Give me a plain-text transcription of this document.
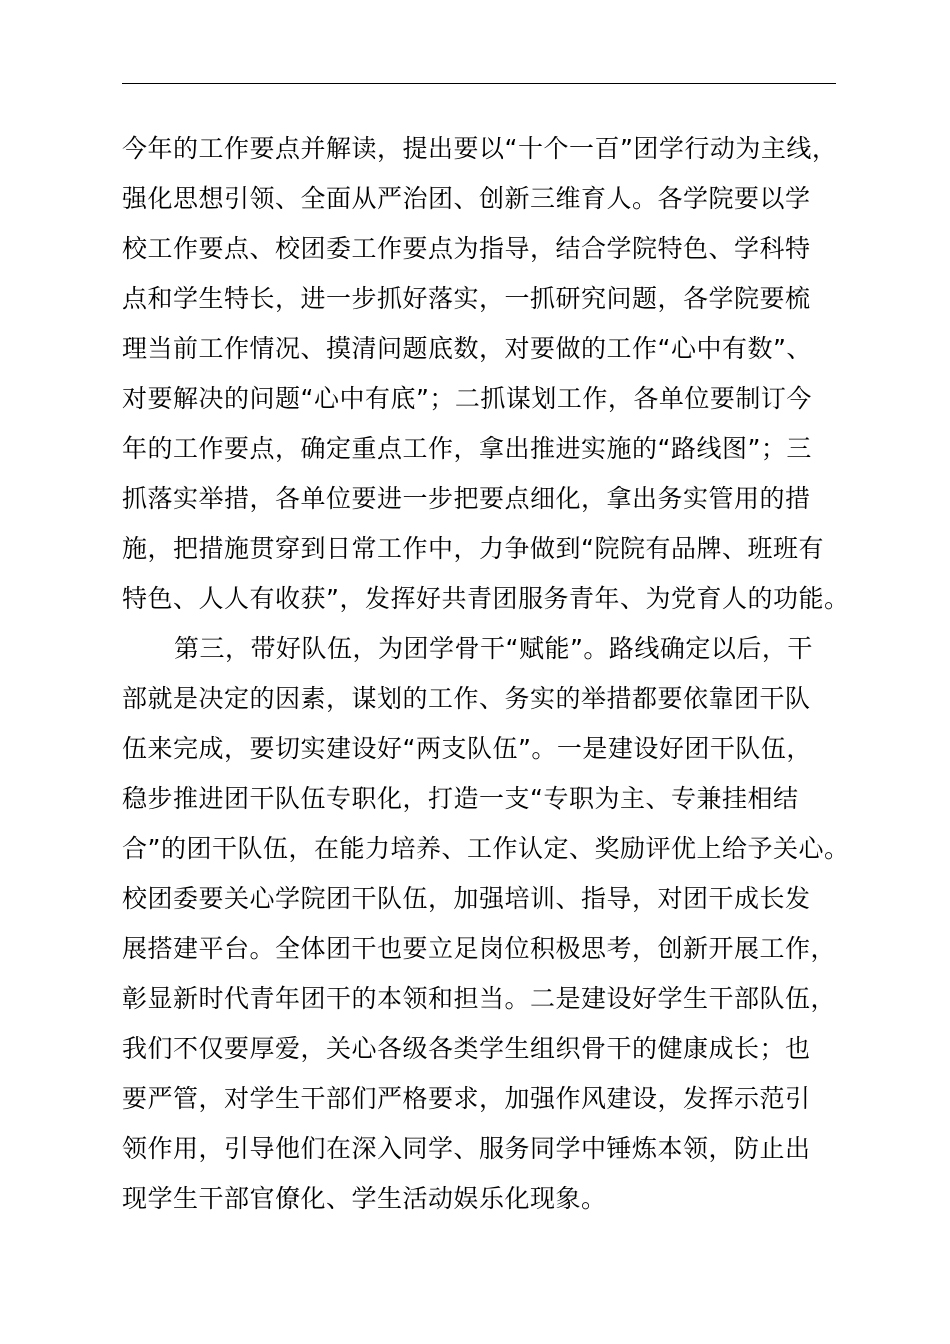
今年的工作要点并解读，提出要以“十个一百”团学行动为主线，
强化思想引领、全面从严治团、创新三维育人。各学院要以学
校工作要点、校团委工作要点为指导，结合学院特色、学科特
点和学生特长，进一步抓好落实，一抓研究问题，各学院要梳
理当前工作情况、摸清问题底数，对要做的工作“心中有数”、
对要解决的问题“心中有底”；二抓谋划工作，各单位要制订今
年的工作要点，确定重点工作，拿出推进实施的“路线图”；三
抓落实举措，各单位要进一步把要点细化，拿出务实管用的措
施，把措施贯穿到日常工作中，力争做到“院院有品牌、班班有
特色、人人有收获”，发挥好共青团服务青年、为党育人的功能。
第三，带好队伍，为团学骨干“赋能”。路线确定以后，干
部就是决定的因素，谋划的工作、务实的举措都要依靠团干队
伍来完成，要切实建设好“两支队伍”。一是建设好团干队伍，
稳步推进团干队伍专职化，打造一支“专职为主、专兼挂相结
合”的团干队伍，在能力培养、工作认定、奖励评优上给予关心。
校团委要关心学院团干队伍，加强培训、指导，对团干成长发
展搭建平台。全体团干也要立足岗位积极思考，创新开展工作，
彰显新时代青年团干的本领和担当。二是建设好学生干部队伍，
我们不仅要厚爱，关心各级各类学生组织骨干的健康成长；也
要严管，对学生干部们严格要求，加强作风建设，发挥示范引
领作用，引导他们在深入同学、服务同学中锤炼本领，防止出
现学生干部官僚化、学生活动娱乐化现象。
